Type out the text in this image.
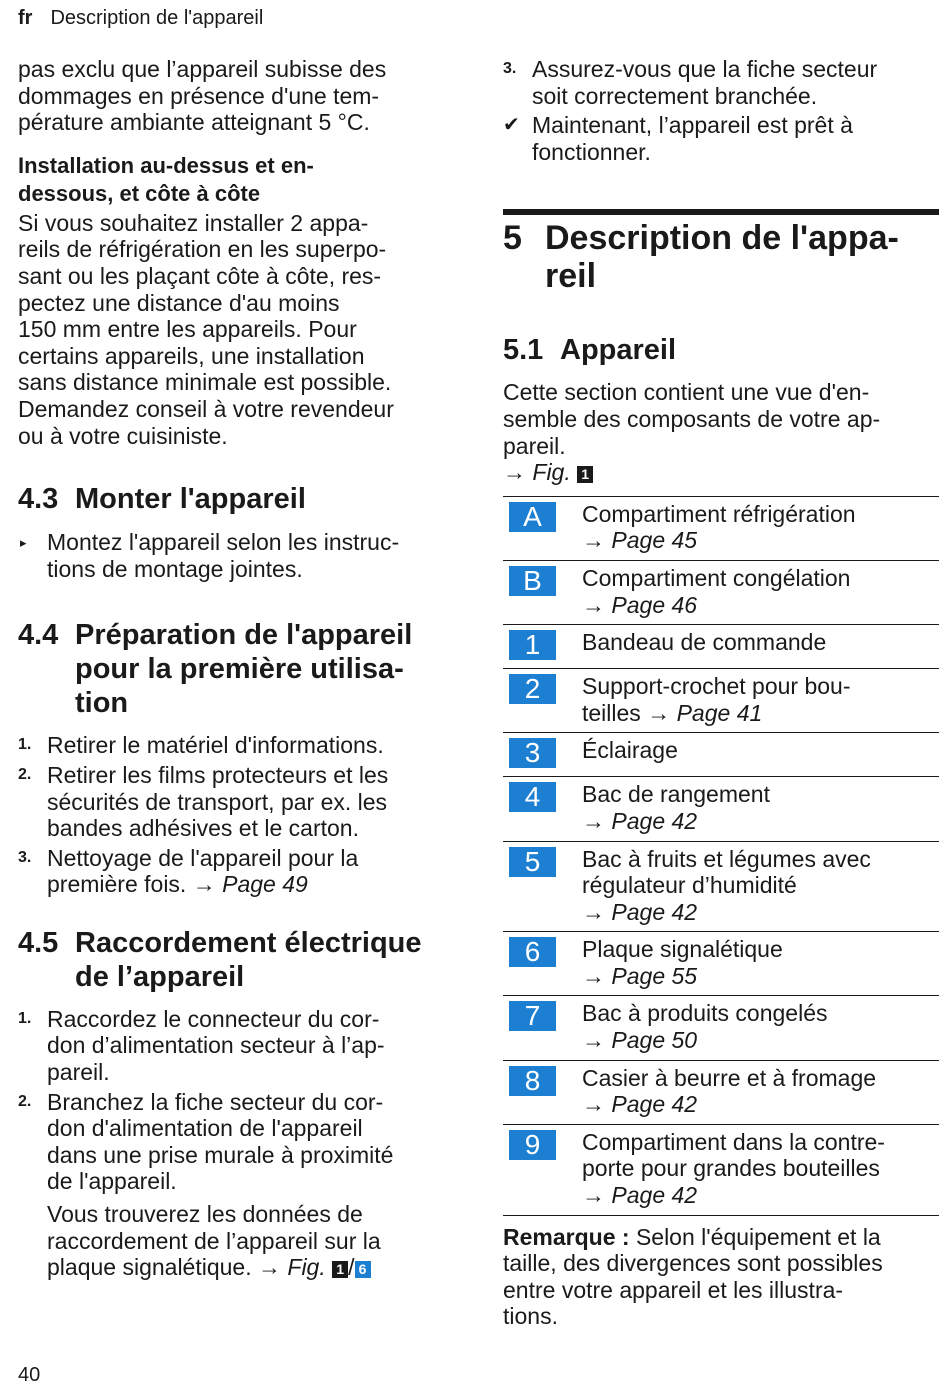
fr Description de l'appareil

pas exclu que l’appareil subisse des
dommages en présence d'une tem-
pérature ambiante atteignant 5 °C.

Installation au-dessus et en-
dessous, et côte à côte

Si vous souhaitez installer 2 appa-
reils de réfrigération en les superpo-
sant ou les plaçant côte à côte, res-
pectez une distance d'au moins
150 mm entre les appareils. Pour
certains appareils, une installation
sans distance minimale est possible.
Demandez conseil à votre revendeur
ou à votre cuisiniste.

4.3 Monter l'appareil
▸ Montez l'appareil selon les instruc-
tions de montage jointes.
4.4 Préparation de l'appareil
pour la première utilisa-
tion
1. Retirer le matériel d'informations.
2. Retirer les films protecteurs et les
sécurités de transport, par ex. les
bandes adhésives et le carton.
3. Nettoyage de l'appareil pour la
première fois. → Page 49
4.5 Raccordement électrique
de l’appareil
1. Raccordez le connecteur du cor-
don d’alimentation secteur à l’ap-
pareil.
2. Branchez la fiche secteur du cor-
don d'alimentation de l'appareil
dans une prise murale à proximité
de l'appareil.
Vous trouverez les données de
raccordement de l’appareil sur la
plaque signalétique. → Fig. 1 / 6
3. Assurez-vous que la fiche secteur
soit correctement branchée.
✔ Maintenant, l’appareil est prêt à
fonctionner.
5 Description de l'appa-
reil
5.1 Appareil

Cette section contient une vue d'en-
semble des composants de votre ap-
pareil.
→ Fig. 1

A	Compartiment réfrigération
→ Page 45
B	Compartiment congélation
→ Page 46
1	Bandeau de commande
2	Support-crochet pour bou-
teilles → Page 41
3	Éclairage
4	Bac de rangement
→ Page 42
5	Bac à fruits et légumes avec
régulateur d’humidité
→ Page 42
6	Plaque signalétique
→ Page 55
7	Bac à produits congelés
→ Page 50
8	Casier à beurre et à fromage
→ Page 42
9	Compartiment dans la contre-
porte pour grandes bouteilles
→ Page 42

Remarque : Selon l'équipement et la
taille, des divergences sont possibles
entre votre appareil et les illustra-
tions.

40
